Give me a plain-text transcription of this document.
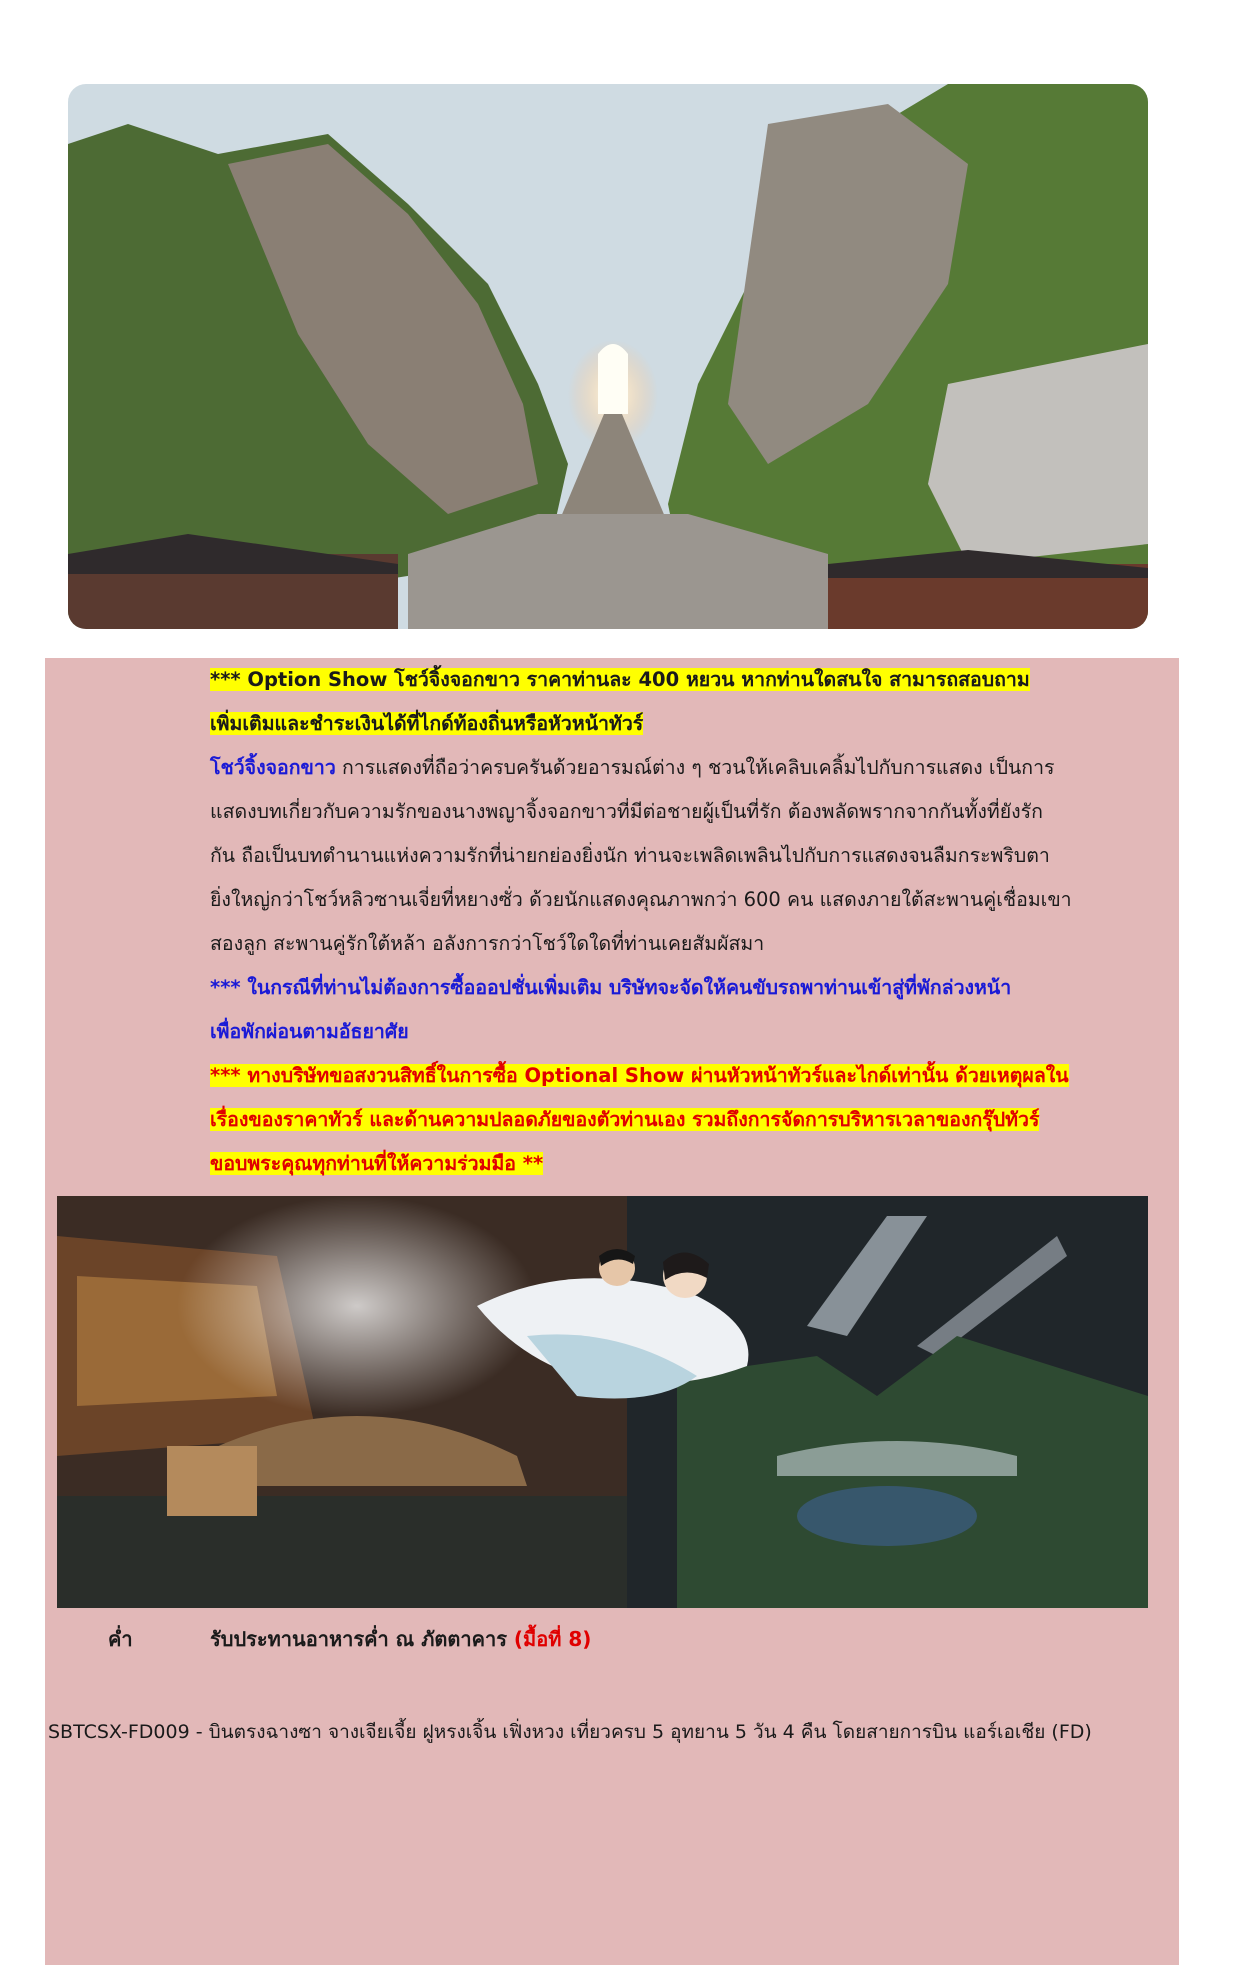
*** Option Show โชว์จิ้งจอกขาว ราคาท่านละ 400 หยวน หากท่านใดสนใจ สามารถสอบถาม

เพิ่มเติมและชำระเงินได้ที่ไกด์ท้องถิ่นหรือหัวหน้าทัวร์

โชว์จิ้งจอกขาว การแสดงที่ถือว่าครบครันด้วยอารมณ์ต่าง ๆ ชวนให้เคลิบเคลิ้มไปกับการแสดง เป็นการ

แสดงบทเกี่ยวกับความรักของนางพญาจิ้งจอกขาวที่มีต่อชายผู้เป็นที่รัก ต้องพลัดพรากจากกันทั้งที่ยังรัก

กัน ถือเป็นบทตำนานแห่งความรักที่น่ายกย่องยิ่งนัก ท่านจะเพลิดเพลินไปกับการแสดงจนลืมกระพริบตา

ยิ่งใหญ่กว่าโชว์หลิวซานเจี่ยที่หยางซั่ว ด้วยนักแสดงคุณภาพกว่า 600 คน แสดงภายใต้สะพานคู่เชื่อมเขา

สองลูก สะพานคู่รักใต้หล้า อลังการกว่าโชว์ใดใดที่ท่านเคยสัมผัสมา

*** ในกรณีที่ท่านไม่ต้องการซื้อออปชั่นเพิ่มเติม บริษัทจะจัดให้คนขับรถพาท่านเข้าสู่ที่พักล่วงหน้า

เพื่อพักผ่อนตามอัธยาศัย

*** ทางบริษัทขอสงวนสิทธิ์ในการซื้อ Optional Show ผ่านหัวหน้าทัวร์และไกด์เท่านั้น ด้วยเหตุผลใน

เรื่องของราคาทัวร์ และด้านความปลอดภัยของตัวท่านเอง รวมถึงการจัดการบริหารเวลาของกรุ๊ปทัวร์

ขอบพระคุณทุกท่านที่ให้ความร่วมมือ **

ค่ำ	รับประทานอาหารค่ำ ณ ภัตตาคาร (มื้อที่ 8)
SBTCSX-FD009 - บินตรงฉางซา จางเจียเจี้ย ฝูหรงเจิ้น เฟิ่งหวง เที่ยวครบ 5 อุทยาน 5 วัน 4 คืน โดยสายการบิน แอร์เอเชีย (FD)
